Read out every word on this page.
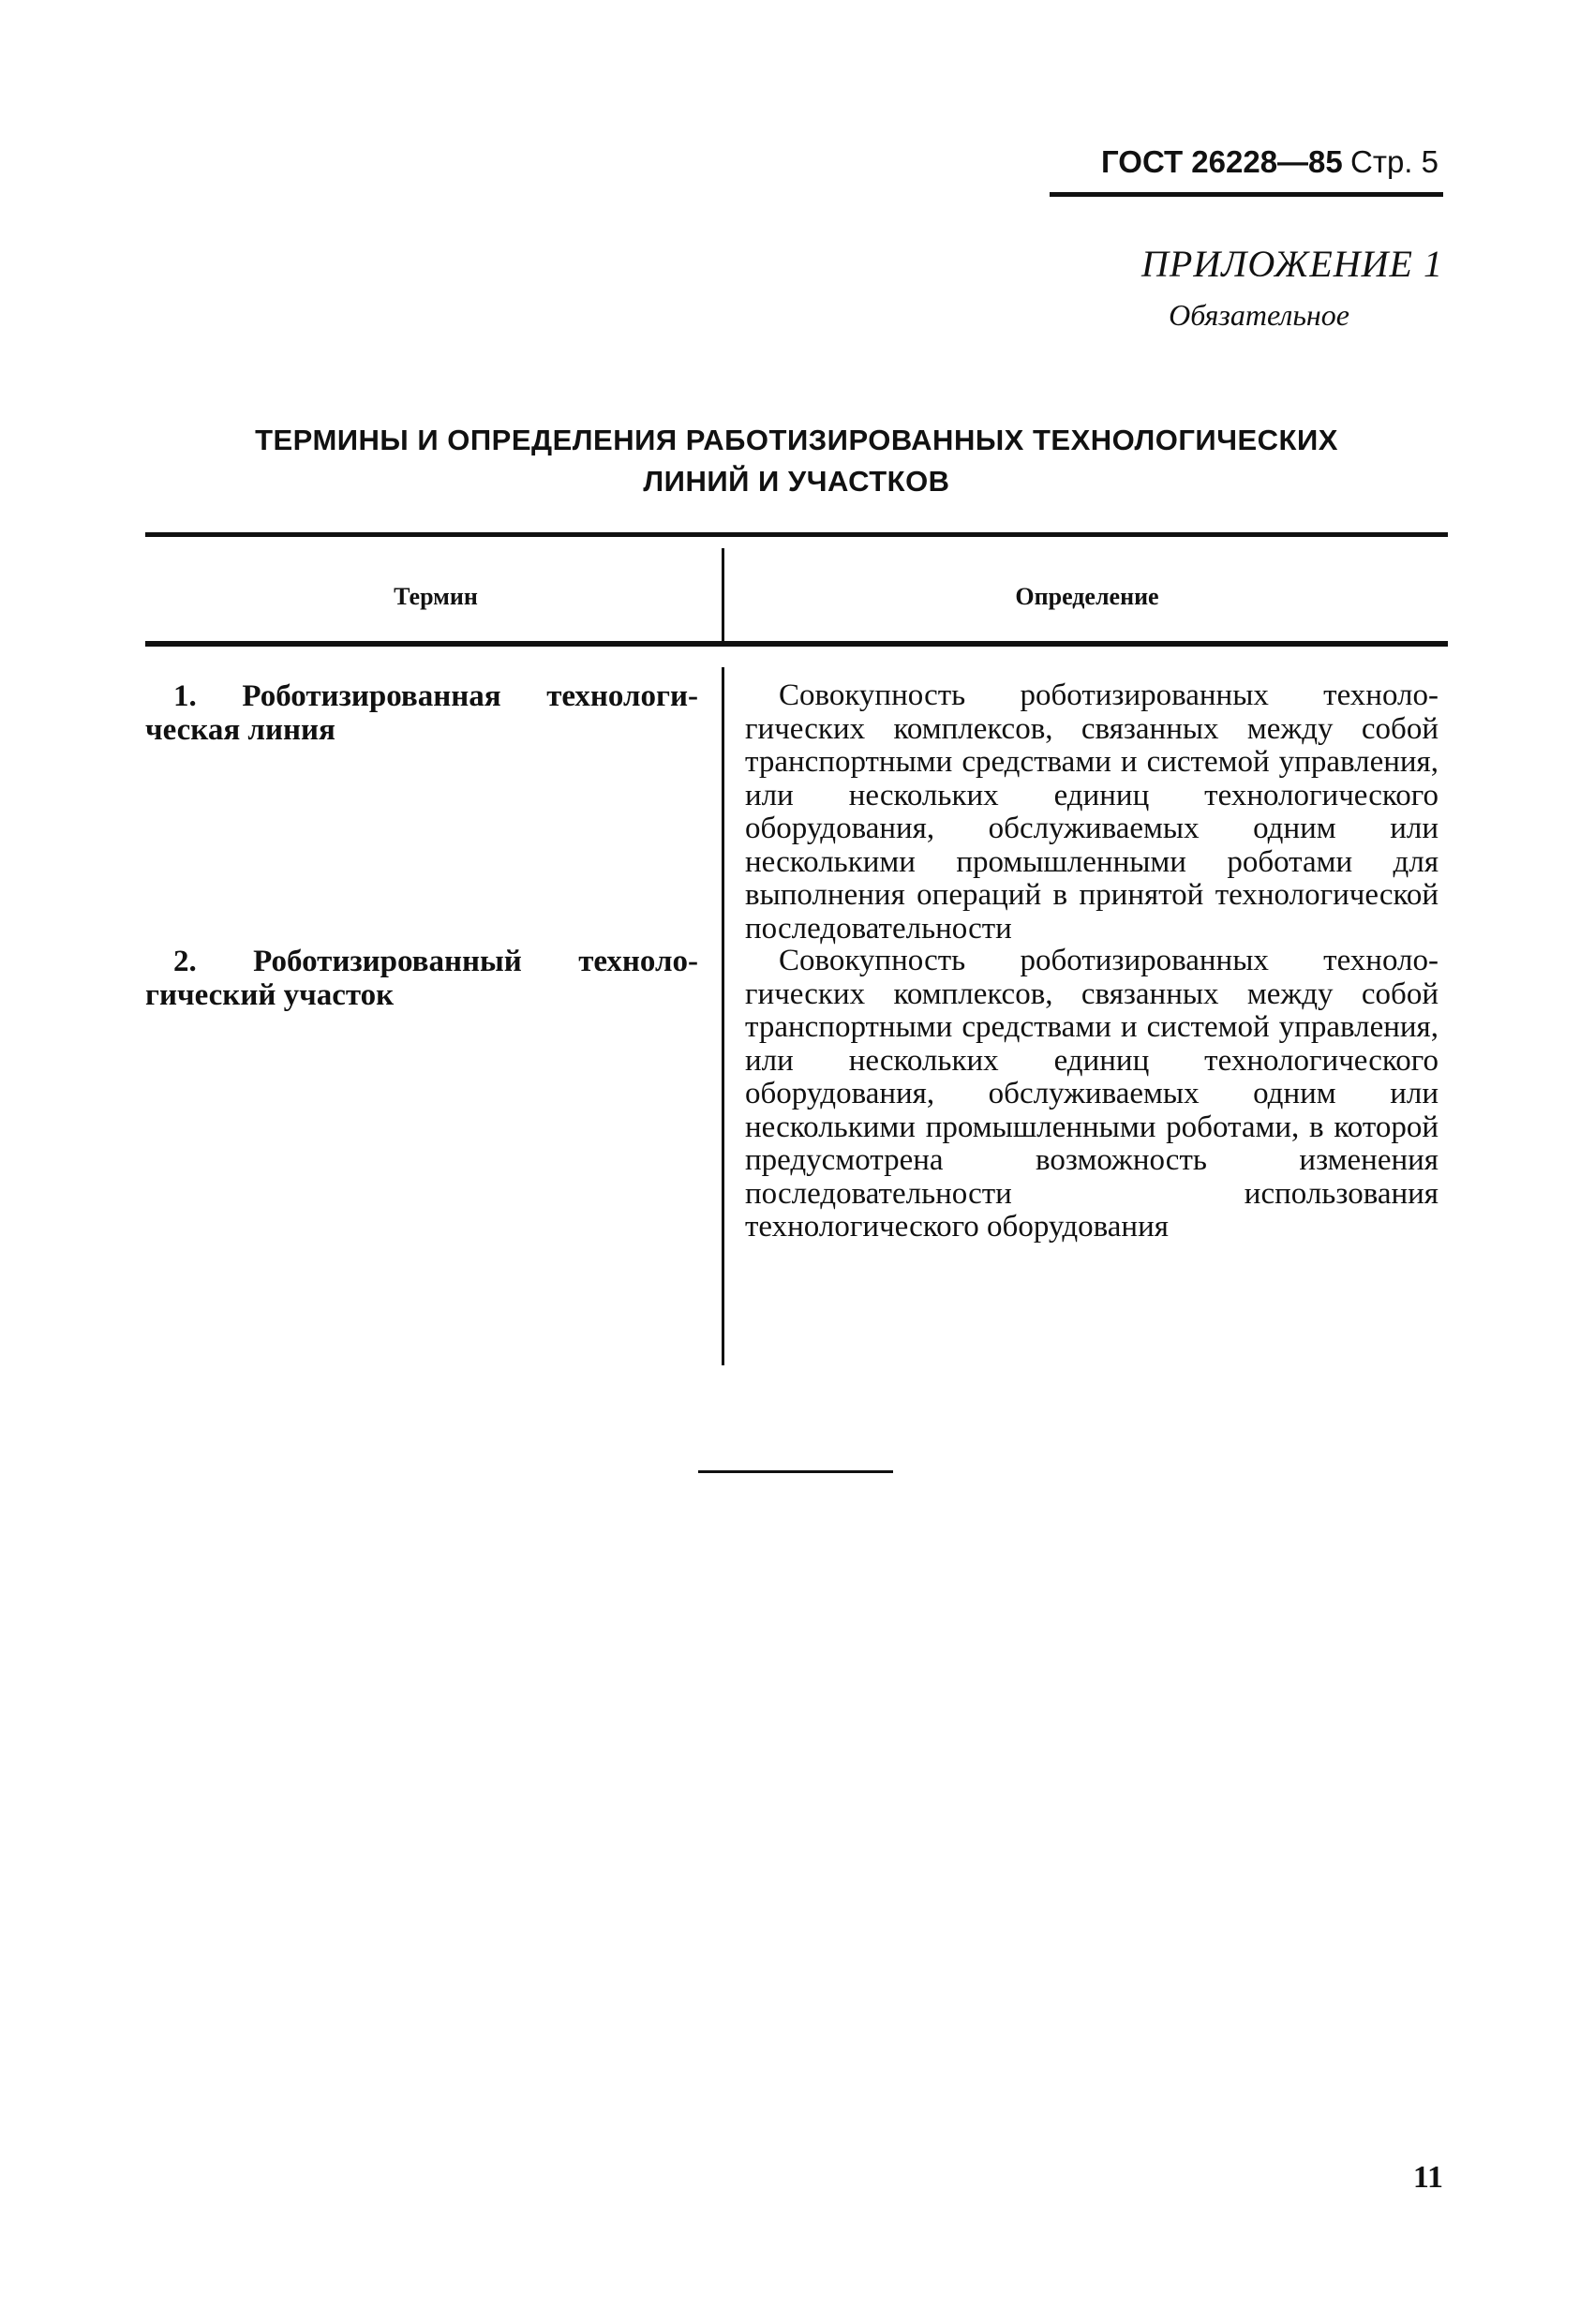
ГОСТ 26228—85 Стр. 5
ПРИЛОЖЕНИЕ 1
Обязательное
ТЕРМИНЫ И ОПРЕДЕЛЕНИЯ РАБОТИЗИРОВАННЫХ ТЕХНОЛОГИЧЕСКИХ
ЛИНИЙ И УЧАСТКОВ
Термин	Определение
1. Роботизированная технологи-
ческая линия
Совокупность роботизированных технологических комплексов, связанных между собой транспортными средствами и системой управления, или нескольких единиц технологического оборудования, обслуживаемых одним или несколькими промышленными роботами для выполнения операций в принятой технологической последовательности
2. Роботизированный техноло-
гический участок
Совокупность роботизированных технологических комплексов, связанных между собой транспортными средствами и системой управления, или нескольких единиц технологического оборудования, обслуживаемых одним или несколькими промышленными роботами, в которой предусмотрена возможность изменения последовательности использования технологического оборудования
11
